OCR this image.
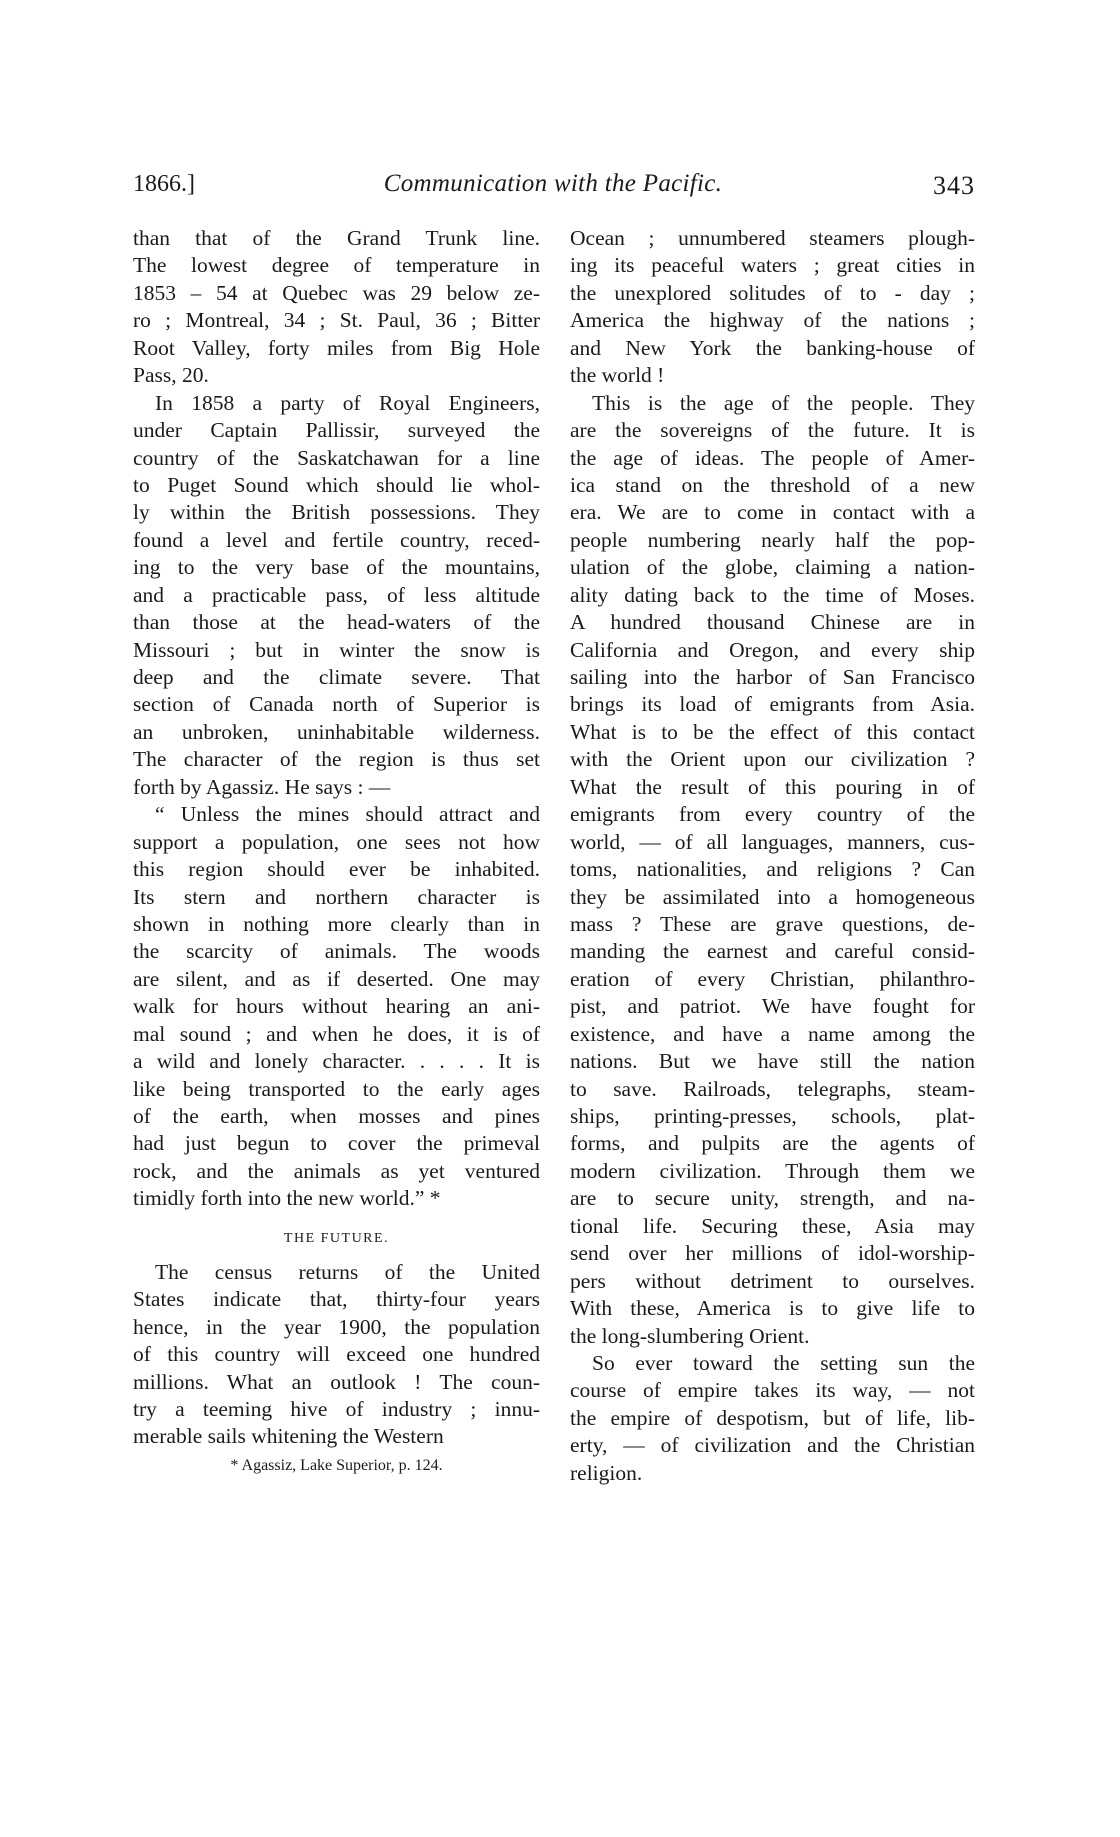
1866.]	Communication with the Pacific.	343
than that of the Grand Trunk line.
The lowest degree of temperature in
1853 – 54 at Quebec was 29 below ze-
ro ; Montreal, 34 ; St. Paul, 36 ; Bitter
Root Valley, forty miles from Big Hole
Pass, 20.
In 1858 a party of Royal Engineers,
under Captain Pallissir, surveyed the
country of the Saskatchawan for a line
to Puget Sound which should lie whol-
ly within the British possessions. They
found a level and fertile country, reced-
ing to the very base of the mountains,
and a practicable pass, of less altitude
than those at the head-waters of the
Missouri ; but in winter the snow is
deep and the climate severe. That
section of Canada north of Superior is
an unbroken, uninhabitable wilderness.
The character of the region is thus set
forth by Agassiz. He says : —
“ Unless the mines should attract and
support a population, one sees not how
this region should ever be inhabited.
Its stern and northern character is
shown in nothing more clearly than in
the scarcity of animals. The woods
are silent, and as if deserted. One may
walk for hours without hearing an ani-
mal sound ; and when he does, it is of
a wild and lonely character. . . . . It is
like being transported to the early ages
of the earth, when mosses and pines
had just begun to cover the primeval
rock, and the animals as yet ventured
timidly forth into the new world.” *
THE FUTURE.
The census returns of the United
States indicate that, thirty-four years
hence, in the year 1900, the population
of this country will exceed one hundred
millions. What an outlook ! The coun-
try a teeming hive of industry ; innu-
merable sails whitening the Western
* Agassiz, Lake Superior, p. 124.
Ocean ; unnumbered steamers plough-
ing its peaceful waters ; great cities in
the unexplored solitudes of to - day ;
America the highway of the nations ;
and New York the banking-house of
the world !
This is the age of the people. They
are the sovereigns of the future. It is
the age of ideas. The people of Amer-
ica stand on the threshold of a new
era. We are to come in contact with a
people numbering nearly half the pop-
ulation of the globe, claiming a nation-
ality dating back to the time of Moses.
A hundred thousand Chinese are in
California and Oregon, and every ship
sailing into the harbor of San Francisco
brings its load of emigrants from Asia.
What is to be the effect of this contact
with the Orient upon our civilization ?
What the result of this pouring in of
emigrants from every country of the
world, — of all languages, manners, cus-
toms, nationalities, and religions ? Can
they be assimilated into a homogeneous
mass ? These are grave questions, de-
manding the earnest and careful consid-
eration of every Christian, philanthro-
pist, and patriot. We have fought for
existence, and have a name among the
nations. But we have still the nation
to save. Railroads, telegraphs, steam-
ships, printing-presses, schools, plat-
forms, and pulpits are the agents of
modern civilization. Through them we
are to secure unity, strength, and na-
tional life. Securing these, Asia may
send over her millions of idol-worship-
pers without detriment to ourselves.
With these, America is to give life to
the long-slumbering Orient.
So ever toward the setting sun the
course of empire takes its way, — not
the empire of despotism, but of life, lib-
erty, — of civilization and the Christian
religion.
